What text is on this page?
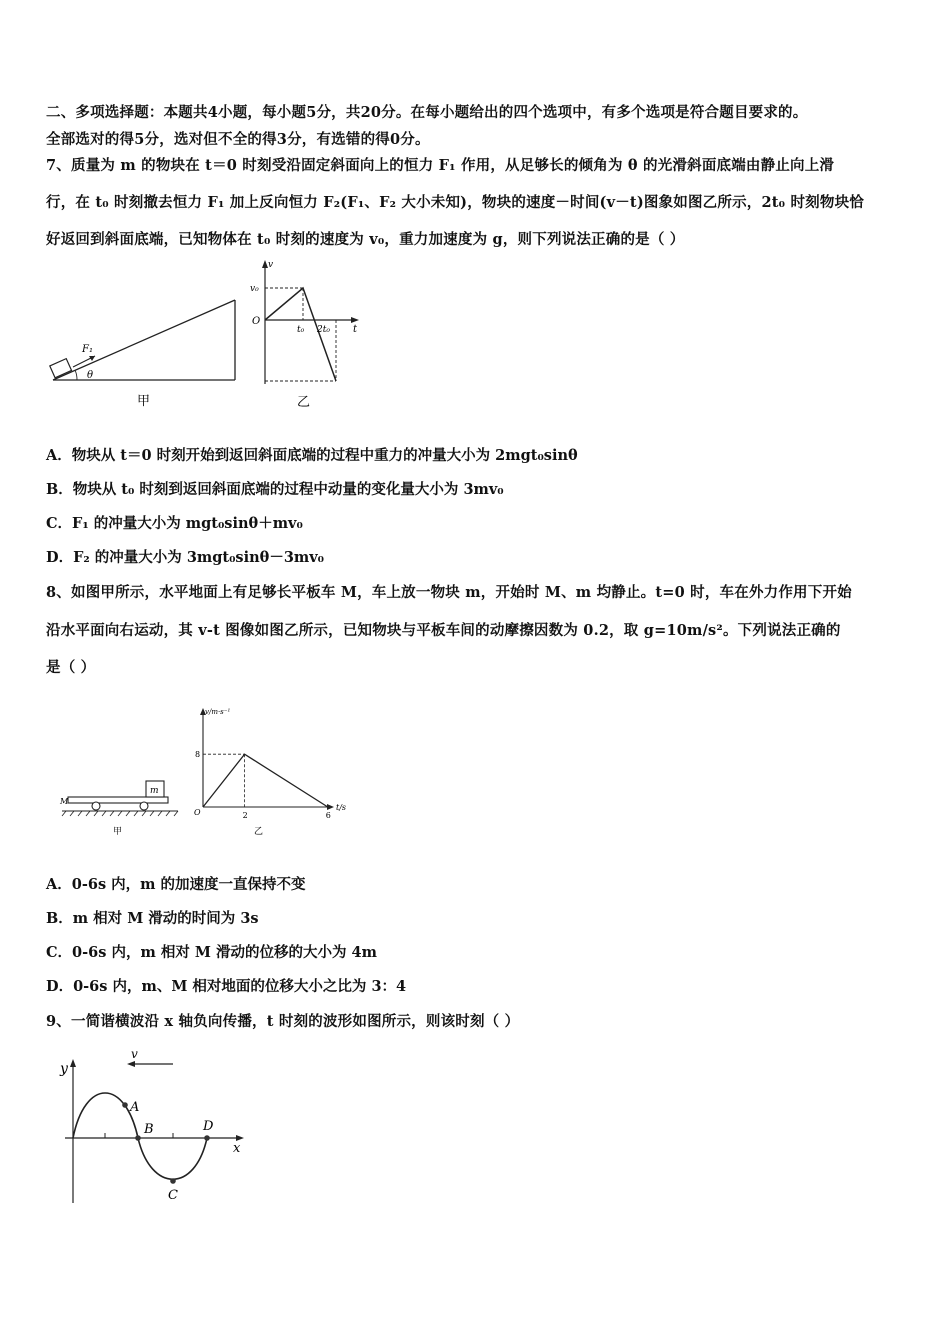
二、多项选择题：本题共4小题，每小题5分，共20分。在每小题给出的四个选项中，有多个选项是符合题目要求的。
全部选对的得5分，选对但不全的得3分，有选错的得0分。
7、质量为 m 的物块在 t＝0 时刻受沿固定斜面向上的恒力 F₁ 作用，从足够长的倾角为 θ 的光滑斜面底端由静止向上滑
行，在 t₀ 时刻撤去恒力 F₁ 加上反向恒力 F₂(F₁、F₂ 大小未知)，物块的速度－时间(v－t)图象如图乙所示，2t₀ 时刻物块恰
好返回到斜面底端，已知物体在 t₀ 时刻的速度为 v₀，重力加速度为 g，则下列说法正确的是（ ）
F₁
θ
甲
v
v₀
O
t₀ 2t₀ t
乙
A．物块从 t＝0 时刻开始到返回斜面底端的过程中重力的冲量大小为 2mgt₀sinθ
B．物块从 t₀ 时刻到返回斜面底端的过程中动量的变化量大小为 3mv₀
C．F₁ 的冲量大小为 mgt₀sinθ＋mv₀
D．F₂ 的冲量大小为 3mgt₀sinθ－3mv₀
8、如图甲所示，水平地面上有足够长平板车 M，车上放一物块 m，开始时 M、m 均静止。t=0 时，车在外力作用下开始
沿水平面向右运动，其 v-t 图像如图乙所示，已知物块与平板车间的动摩擦因数为 0.2，取 g=10m/s²。下列说法正确的
是（ ）
m
M
甲
v/m·s⁻¹
t/s
O
8
2	6
乙
A．0-6s 内，m 的加速度一直保持不变
B．m 相对 M 滑动的时间为 3s
C．0-6s 内，m 相对 M 滑动的位移的大小为 4m
D．0-6s 内，m、M 相对地面的位移大小之比为 3：4
9、一简谐横波沿 x 轴负向传播，t 时刻的波形如图所示，则该时刻（ ）
y
x
v
A
B
C
D
